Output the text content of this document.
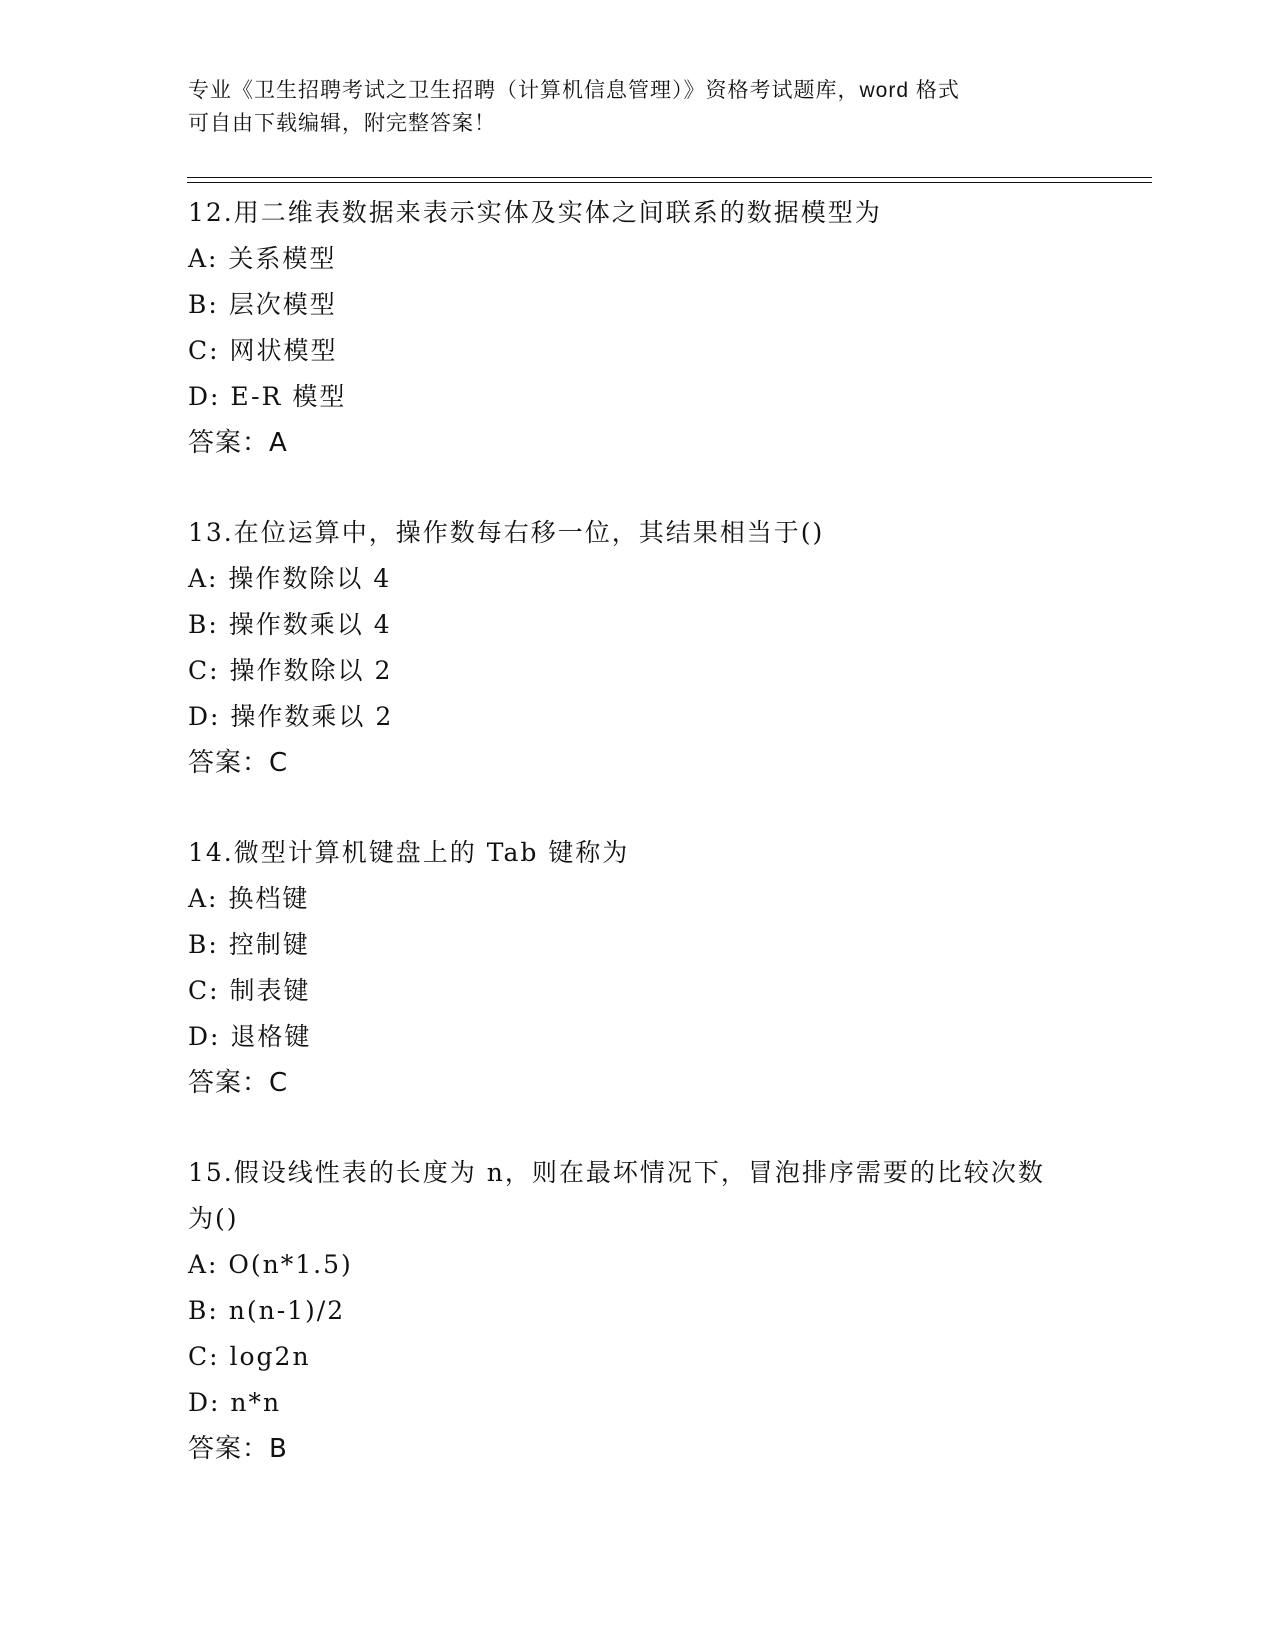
专业《卫生招聘考试之卫生招聘（计算机信息管理）》资格考试题库，word 格式
可自由下载编辑，附完整答案！
12.用二维表数据来表示实体及实体之间联系的数据模型为
A: 关系模型
B: 层次模型
C: 网状模型
D: E-R 模型
答案：A
13.在位运算中，操作数每右移一位，其结果相当于()
A: 操作数除以 4
B: 操作数乘以 4
C: 操作数除以 2
D: 操作数乘以 2
答案：C
14.微型计算机键盘上的 Tab 键称为
A: 换档键
B: 控制键
C: 制表键
D: 退格键
答案：C
15.假设线性表的长度为 n，则在最坏情况下，冒泡排序需要的比较次数为()
A: O(n*1.5)
B: n(n-1)/2
C: log2n
D: n*n
答案：B
